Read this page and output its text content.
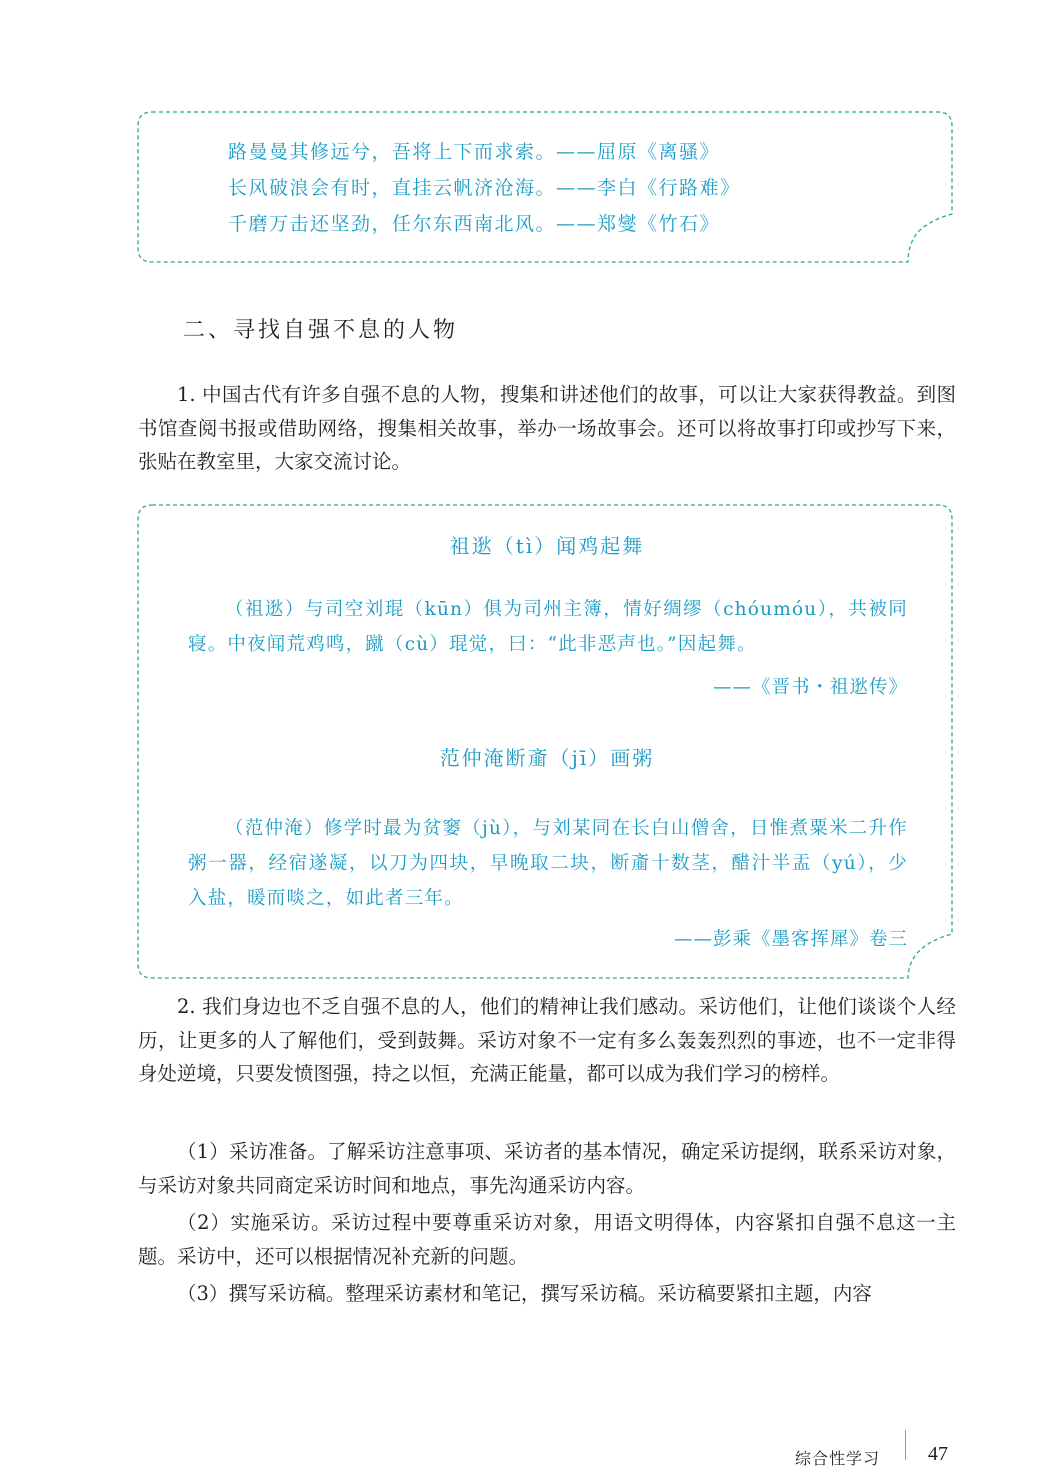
路曼曼其修远兮，吾将上下而求索。——屈原《离骚》
长风破浪会有时，直挂云帆济沧海。——李白《行路难》
千磨万击还坚劲，任尔东西南北风。——郑燮《竹石》
二、寻找自强不息的人物
1. 中国古代有许多自强不息的人物，搜集和讲述他们的故事，可以让大家获得教益。到图书馆查阅书报或借助网络，搜集相关故事，举办一场故事会。还可以将故事打印或抄写下来，张贴在教室里，大家交流讨论。
祖逖（tì）闻鸡起舞
（祖逖）与司空刘琨（kūn）俱为司州主簿，情好绸缪（chóumóu），共被同寝。中夜闻荒鸡鸣，蹴（cù）琨觉，曰：“此非恶声也。”因起舞。
——《晋书・祖逖传》
范仲淹断齑（jī）画粥
（范仲淹）修学时最为贫窭（jù），与刘某同在长白山僧舍，日惟煮粟米二升作粥一器，经宿遂凝，以刀为四块，早晚取二块，断齑十数茎，醋汁半盂（yú），少入盐，暖而啖之，如此者三年。
——彭乘《墨客挥犀》卷三
2. 我们身边也不乏自强不息的人，他们的精神让我们感动。采访他们，让他们谈谈个人经历，让更多的人了解他们，受到鼓舞。采访对象不一定有多么轰轰烈烈的事迹，也不一定非得身处逆境，只要发愤图强，持之以恒，充满正能量，都可以成为我们学习的榜样。
（1）采访准备。了解采访注意事项、采访者的基本情况，确定采访提纲，联系采访对象，与采访对象共同商定采访时间和地点，事先沟通采访内容。
（2）实施采访。采访过程中要尊重采访对象，用语文明得体，内容紧扣自强不息这一主题。采访中，还可以根据情况补充新的问题。
（3）撰写采访稿。整理采访素材和笔记，撰写采访稿。采访稿要紧扣主题，内容
综合性学习 47
